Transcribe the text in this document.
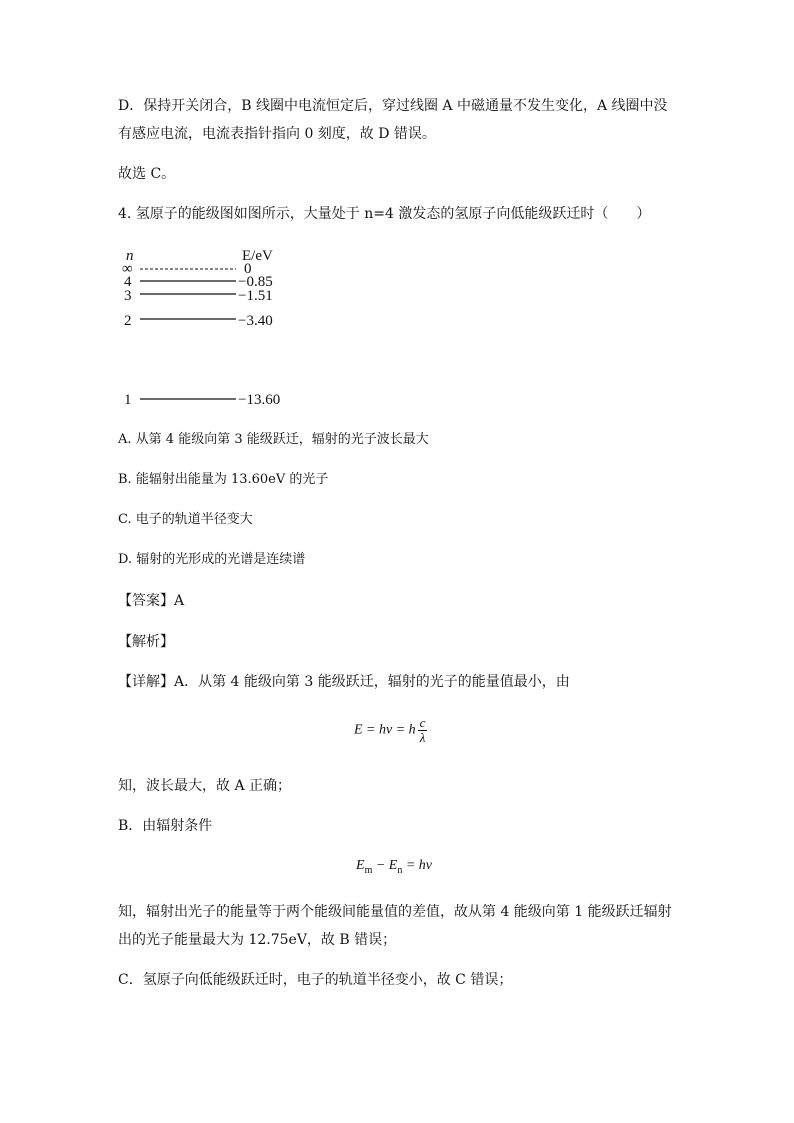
D．保持开关闭合，B 线圈中电流恒定后，穿过线圈 A 中磁通量不发生变化，A 线圈中没
有感应电流，电流表指针指向 0 刻度，故 D 错误。
故选 C。
4. 氢原子的能级图如图所示，大量处于 n=4 激发态的氢原子向低能级跃迁时（　　）
n	E/eV
∞	0
4	−0.85
3	−1.51
2	−3.40
1	−13.60
A. 从第 4 能级向第 3 能级跃迁，辐射的光子波长最大
B. 能辐射出能量为 13.60eV 的光子
C. 电子的轨道半径变大
D. 辐射的光形成的光谱是连续谱
【答案】A
【解析】
【详解】A．从第 4 能级向第 3 能级跃迁，辐射的光子的能量值最小，由
E = hν = h $\frac{c}{\lambda}$
知，波长最大，故 A 正确；
B．由辐射条件
$E_m - E_n = h\nu$
知，辐射出光子的能量等于两个能级间能量值的差值，故从第 4 能级向第 1 能级跃迁辐射
出的光子能量最大为 12.75eV，故 B 错误；
C．氢原子向低能级跃迁时，电子的轨道半径变小，故 C 错误；
